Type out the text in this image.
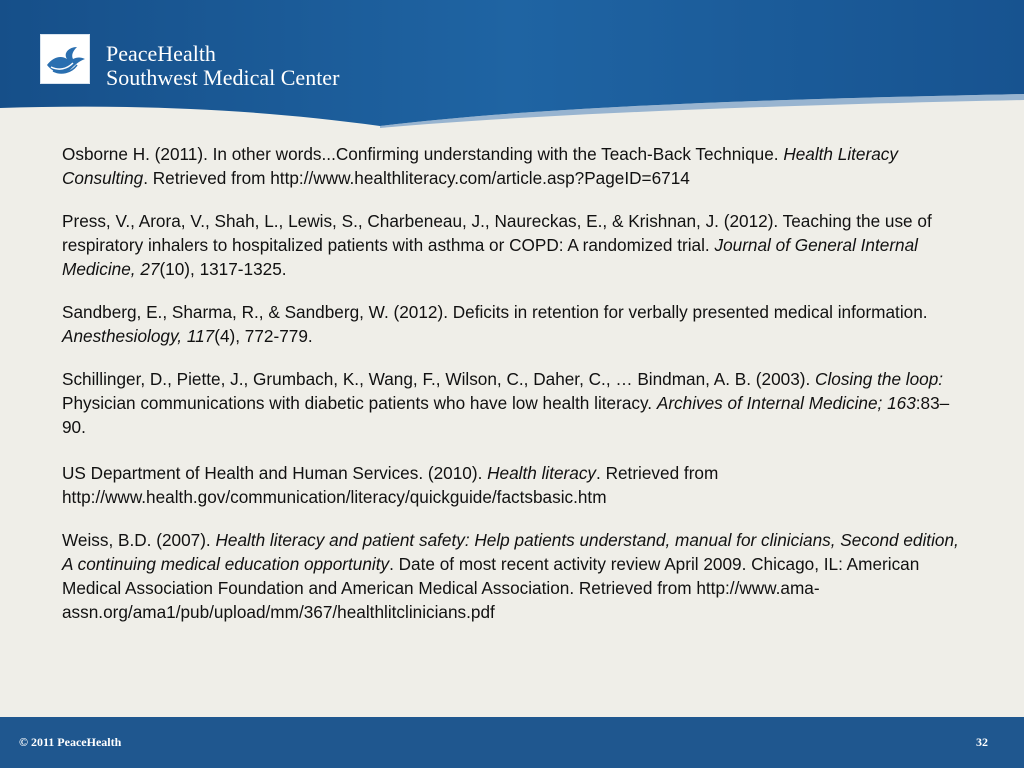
PeaceHealth
Southwest Medical Center

Osborne H. (2011). In other words...Confirming understanding with the Teach-Back Technique. Health Literacy Consulting. Retrieved from http://www.healthliteracy.com/article.asp?PageID=6714

Press, V., Arora, V., Shah, L., Lewis, S., Charbeneau, J., Naureckas, E., & Krishnan, J. (2012). Teaching the use of respiratory inhalers to hospitalized patients with asthma or COPD: A randomized trial. Journal of General Internal Medicine, 27(10), 1317-1325.

Sandberg, E., Sharma, R., & Sandberg, W. (2012). Deficits in retention for verbally presented medical information. Anesthesiology, 117(4), 772-779.

Schillinger, D., Piette, J., Grumbach, K., Wang, F., Wilson, C., Daher, C., … Bindman, A. B. (2003). Closing the loop: Physician communications with diabetic patients who have low health literacy. Archives of Internal Medicine; 163:83–90.

US Department of Health and Human Services. (2010). Health literacy. Retrieved from http://www.health.gov/communication/literacy/quickguide/factsbasic.htm

Weiss, B.D. (2007). Health literacy and patient safety: Help patients understand, manual for clinicians, Second edition, A continuing medical education opportunity. Date of most recent activity review April 2009. Chicago, IL: American Medical Association Foundation and American Medical Association. Retrieved from http://www.ama-assn.org/ama1/pub/upload/mm/367/healthlitclinicians.pdf

© 2011 PeaceHealth	32
